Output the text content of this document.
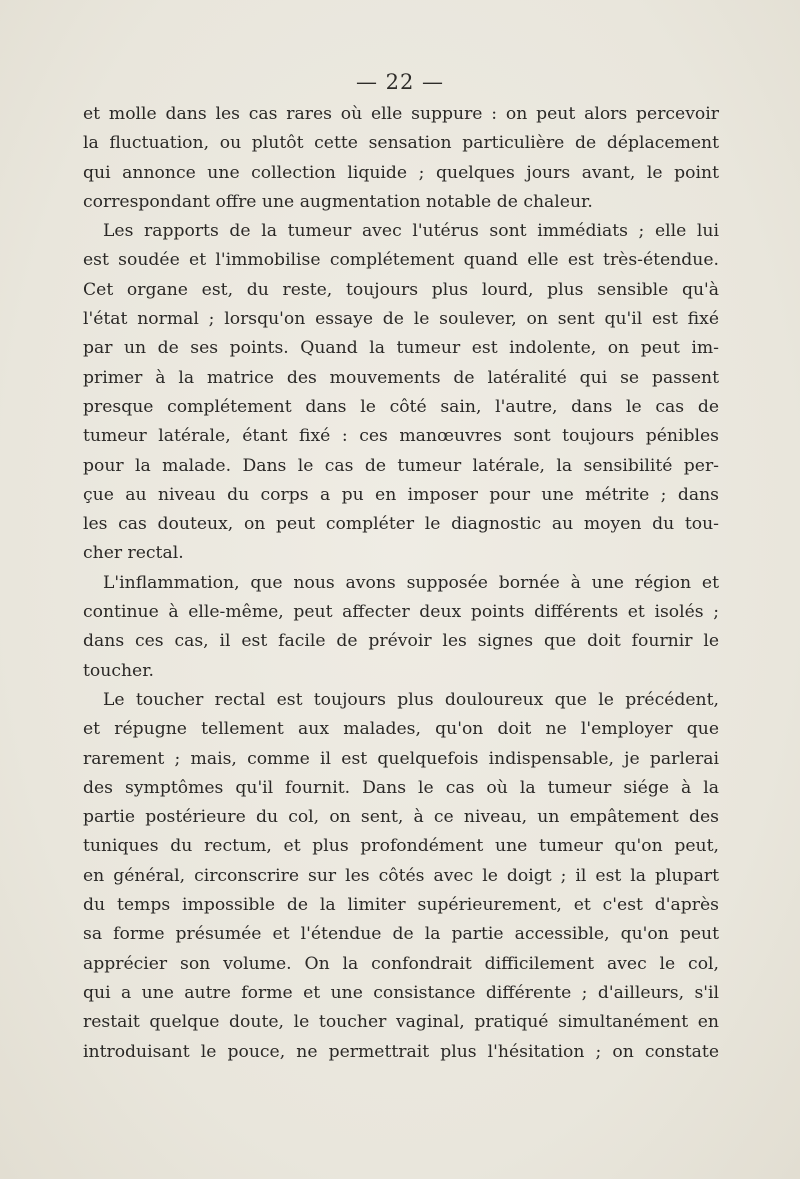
— 22 —
et molle dans les cas rares où elle suppure : on peut alors percevoir
la fluctuation, ou plutôt cette sensation particulière de déplacement
qui annonce une collection liquide ; quelques jours avant, le point
correspondant offre une augmentation notable de chaleur.
Les rapports de la tumeur avec l'utérus sont immédiats ; elle lui
est soudée et l'immobilise complétement quand elle est très-étendue.
Cet organe est, du reste, toujours plus lourd, plus sensible qu'à
l'état normal ; lorsqu'on essaye de le soulever, on sent qu'il est fixé
par un de ses points. Quand la tumeur est indolente, on peut im-
primer à la matrice des mouvements de latéralité qui se passent
presque complétement dans le côté sain, l'autre, dans le cas de
tumeur latérale, étant fixé : ces manœuvres sont toujours pénibles
pour la malade. Dans le cas de tumeur latérale, la sensibilité per-
çue au niveau du corps a pu en imposer pour une métrite ; dans
les cas douteux, on peut compléter le diagnostic au moyen du tou-
cher rectal.
L'inflammation, que nous avons supposée bornée à une région et
continue à elle-même, peut affecter deux points différents et isolés ;
dans ces cas, il est facile de prévoir les signes que doit fournir le
toucher.
Le toucher rectal est toujours plus douloureux que le précédent,
et répugne tellement aux malades, qu'on doit ne l'employer que
rarement ; mais, comme il est quelquefois indispensable, je parlerai
des symptômes qu'il fournit. Dans le cas où la tumeur siége à la
partie postérieure du col, on sent, à ce niveau, un empâtement des
tuniques du rectum, et plus profondément une tumeur qu'on peut,
en général, circonscrire sur les côtés avec le doigt ; il est la plupart
du temps impossible de la limiter supérieurement, et c'est d'après
sa forme présumée et l'étendue de la partie accessible, qu'on peut
apprécier son volume. On la confondrait difficilement avec le col,
qui a une autre forme et une consistance différente ; d'ailleurs, s'il
restait quelque doute, le toucher vaginal, pratiqué simultanément en
introduisant le pouce, ne permettrait plus l'hésitation ; on constate
